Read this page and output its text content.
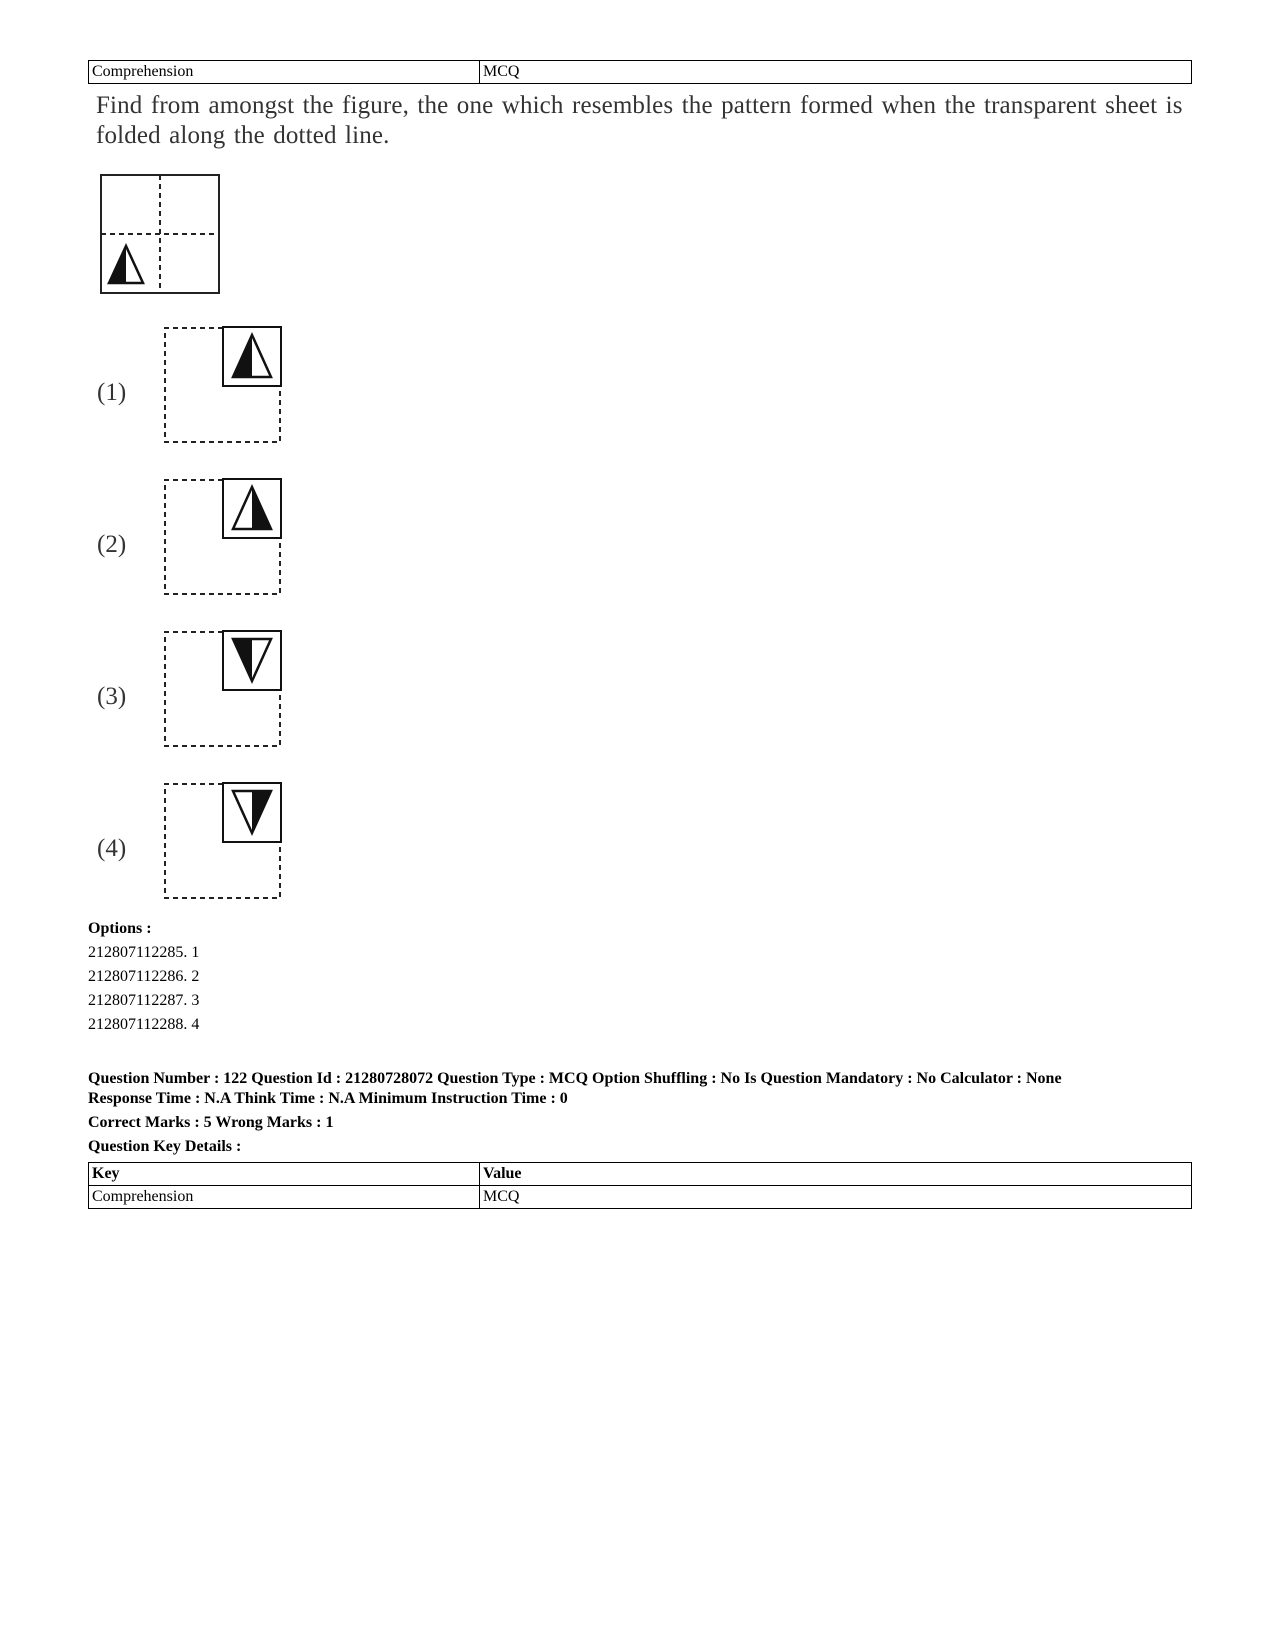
Comprehension	MCQ
Find from amongst the figure, the one which resembles the pattern formed when the transparent sheet is folded along the dotted line.
(1)
(2)
(3)
(4)
Options :
212807112285. 1
212807112286. 2
212807112287. 3
212807112288. 4

Question Number : 122 Question Id : 21280728072 Question Type : MCQ Option Shuffling : No Is Question Mandatory : No Calculator : None

Response Time : N.A Think Time : N.A Minimum Instruction Time : 0

Correct Marks : 5 Wrong Marks : 1

Question Key Details :

Key	Value
Comprehension	MCQ
